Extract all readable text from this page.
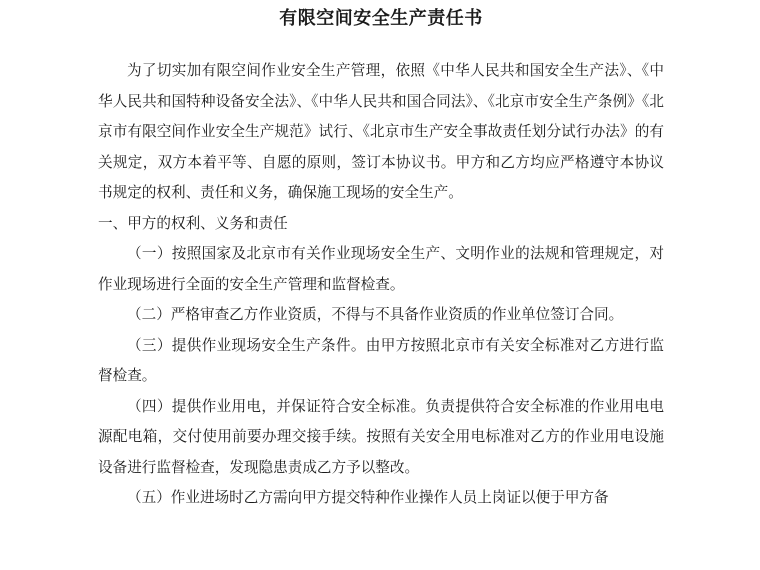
有限空间安全生产责任书

为了切实加有限空间作业安全生产管理，依照《中华人民共和国安全生产法》、《中华人民共和国特种设备安全法》、《中华人民共和国合同法》、《北京市安全生产条例》《北京市有限空间作业安全生产规范》试行、《北京市生产安全事故责任划分试行办法》的有关规定，双方本着平等、自愿的原则，签订本协议书。甲方和乙方均应严格遵守本协议书规定的权利、责任和义务，确保施工现场的安全生产。

一、甲方的权利、义务和责任

（一）按照国家及北京市有关作业现场安全生产、文明作业的法规和管理规定，对作业现场进行全面的安全生产管理和监督检查。

（二）严格审查乙方作业资质，不得与不具备作业资质的作业单位签订合同。

（三）提供作业现场安全生产条件。由甲方按照北京市有关安全标准对乙方进行监督检查。

（四）提供作业用电，并保证符合安全标准。负责提供符合安全标准的作业用电电源配电箱，交付使用前要办理交接手续。按照有关安全用电标准对乙方的作业用电设施设备进行监督检查，发现隐患责成乙方予以整改。

（五）作业进场时乙方需向甲方提交特种作业操作人员上岗证以便于甲方备
